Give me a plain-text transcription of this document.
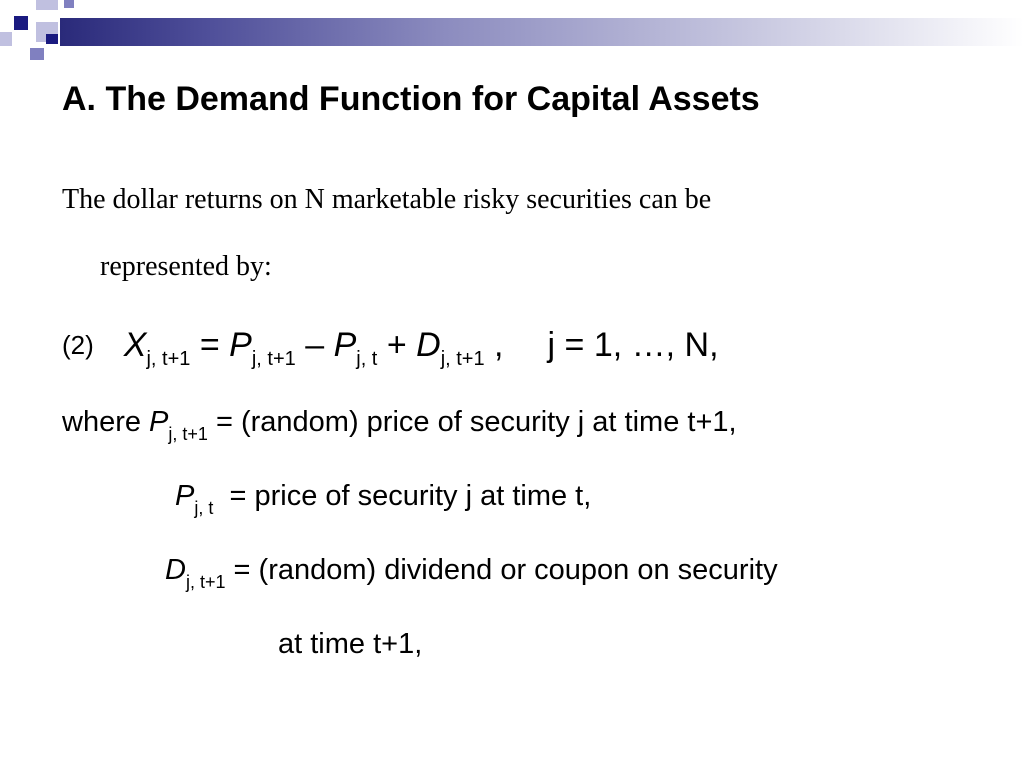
A. The Demand Function for Capital Assets
The dollar returns on N marketable risky securities can be
represented by:
(2) $X_{j, t+1} = P_{j, t+1} - P_{j, t} + D_{j, t+1}$ , j = 1, …, N,
where $P_{j, t+1}$ = (random) price of security j at time t+1,
$P_{j, t}$  = price of security j at time t,
$D_{j, t+1}$ = (random) dividend or coupon on security
at time t+1,
